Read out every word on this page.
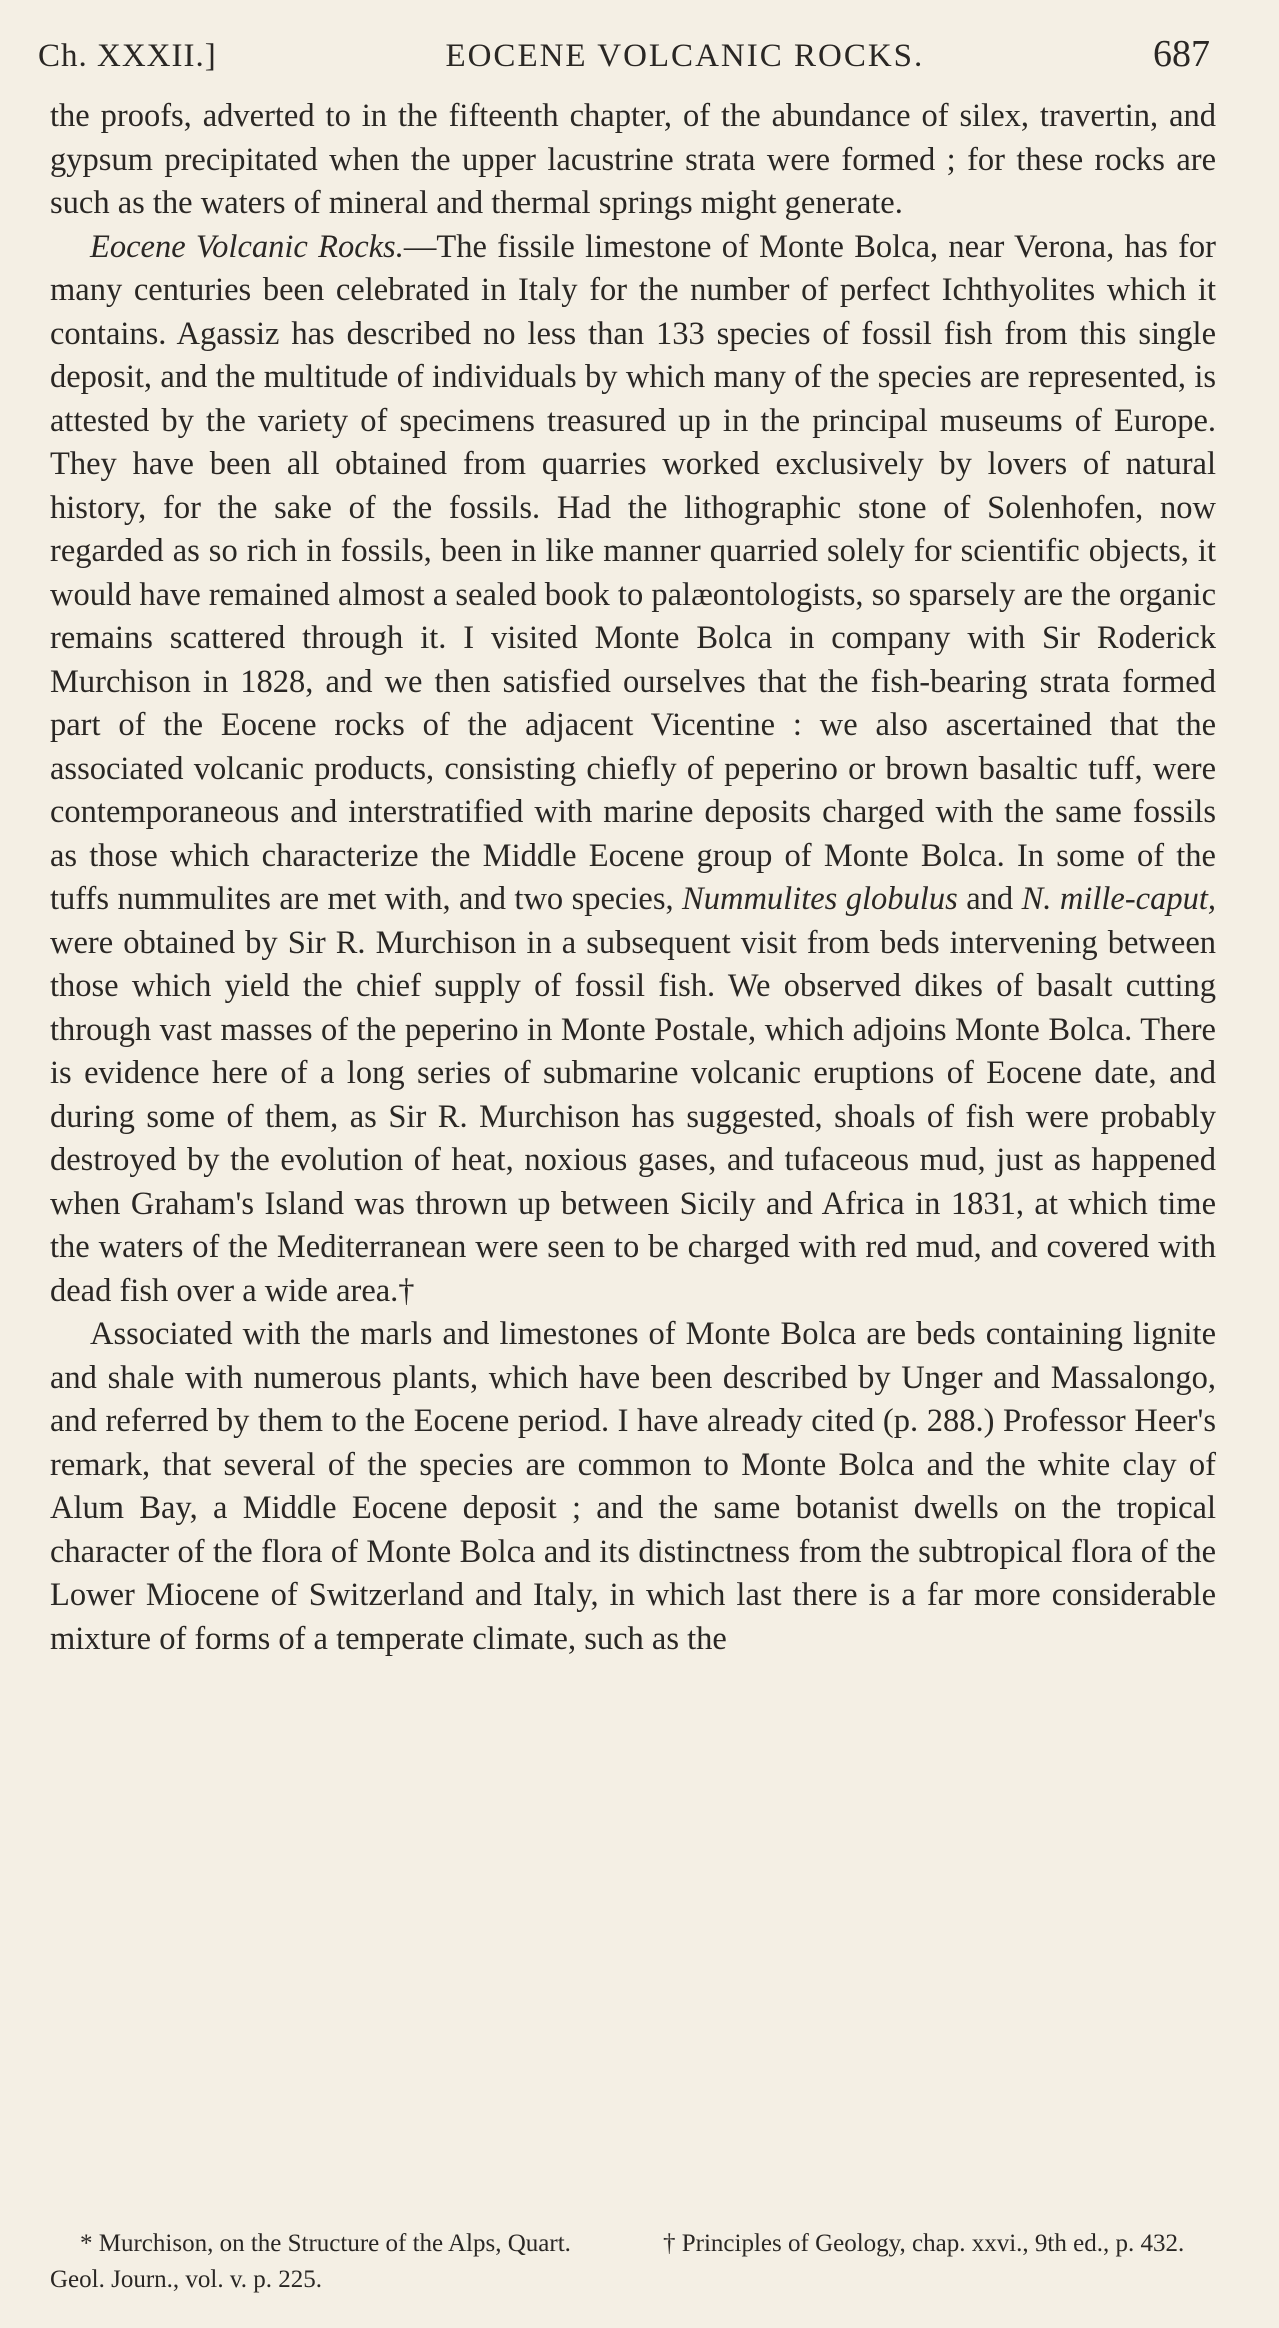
Ch. XXXII.]	EOCENE VOLCANIC ROCKS.	687

the proofs, adverted to in the fifteenth chapter, of the abundance of silex, travertin, and gypsum precipitated when the upper lacustrine strata were formed ; for these rocks are such as the waters of mineral and thermal springs might generate.

Eocene Volcanic Rocks.—The fissile limestone of Monte Bolca, near Verona, has for many centuries been celebrated in Italy for the number of perfect Ichthyolites which it contains. Agassiz has described no less than 133 species of fossil fish from this single deposit, and the multitude of individuals by which many of the species are represented, is attested by the variety of specimens treasured up in the principal museums of Europe. They have been all obtained from quarries worked exclusively by lovers of natural history, for the sake of the fossils. Had the lithographic stone of Solenhofen, now regarded as so rich in fossils, been in like manner quarried solely for scientific objects, it would have remained almost a sealed book to palæontologists, so sparsely are the organic remains scattered through it. I visited Monte Bolca in company with Sir Roderick Murchison in 1828, and we then satisfied ourselves that the fish-bearing strata formed part of the Eocene rocks of the adjacent Vicentine : we also ascertained that the associated volcanic products, consisting chiefly of peperino or brown basaltic tuff, were contemporaneous and interstratified with marine deposits charged with the same fossils as those which characterize the Middle Eocene group of Monte Bolca. In some of the tuffs nummulites are met with, and two species, Nummulites globulus and N. mille-caput, were obtained by Sir R. Murchison in a subsequent visit from beds intervening between those which yield the chief supply of fossil fish. We observed dikes of basalt cutting through vast masses of the peperino in Monte Postale, which adjoins Monte Bolca. There is evidence here of a long series of submarine volcanic eruptions of Eocene date, and during some of them, as Sir R. Murchison has suggested, shoals of fish were probably destroyed by the evolution of heat, noxious gases, and tufaceous mud, just as happened when Graham's Island was thrown up between Sicily and Africa in 1831, at which time the waters of the Mediterranean were seen to be charged with red mud, and covered with dead fish over a wide area.†

Associated with the marls and limestones of Monte Bolca are beds containing lignite and shale with numerous plants, which have been described by Unger and Massalongo, and referred by them to the Eocene period. I have already cited (p. 288.) Professor Heer's remark, that several of the species are common to Monte Bolca and the white clay of Alum Bay, a Middle Eocene deposit ; and the same botanist dwells on the tropical character of the flora of Monte Bolca and its distinctness from the subtropical flora of the Lower Miocene of Switzerland and Italy, in which last there is a far more considerable mixture of forms of a temperate climate, such as the

* Murchison, on the Structure of the Alps, Quart. Geol. Journ., vol. v. p. 225.
† Principles of Geology, chap. xxvi., 9th ed., p. 432.
